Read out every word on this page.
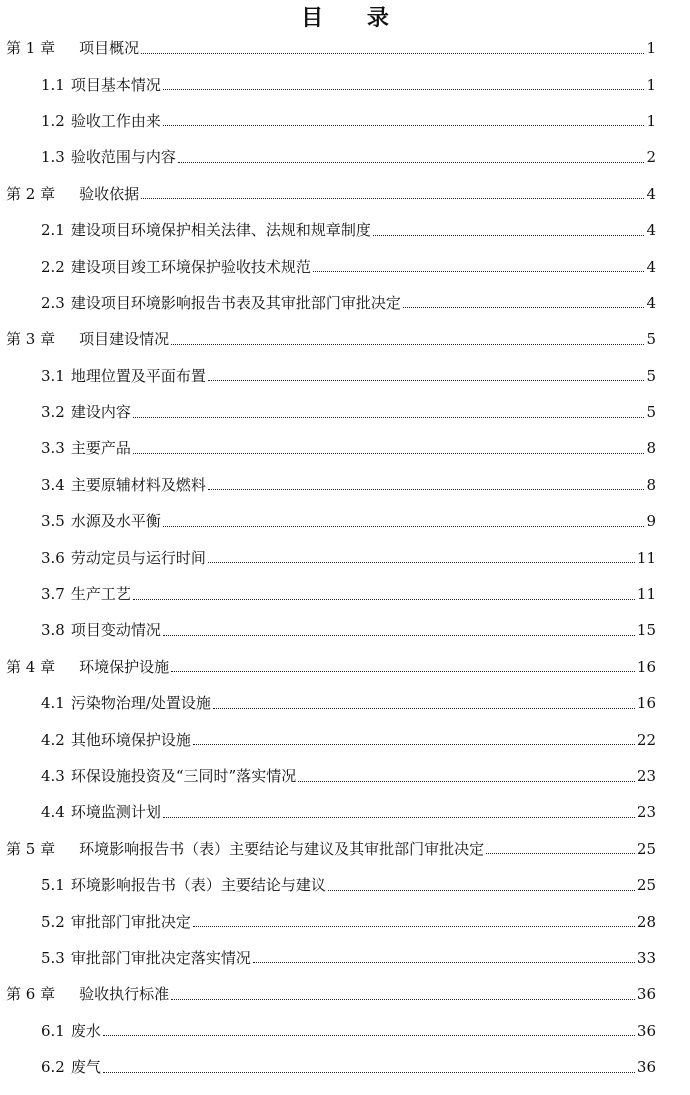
目 录
第 1 章 项目概况	1
1.1 项目基本情况	1
1.2 验收工作由来	1
1.3 验收范围与内容	2
第 2 章 验收依据	4
2.1 建设项目环境保护相关法律、法规和规章制度	4
2.2 建设项目竣工环境保护验收技术规范	4
2.3 建设项目环境影响报告书表及其审批部门审批决定	4
第 3 章 项目建设情况	5
3.1 地理位置及平面布置	5
3.2 建设内容	5
3.3 主要产品	8
3.4 主要原辅材料及燃料	8
3.5 水源及水平衡	9
3.6 劳动定员与运行时间	11
3.7 生产工艺	11
3.8 项目变动情况	15
第 4 章 环境保护设施	16
4.1 污染物治理/处置设施	16
4.2 其他环境保护设施	22
4.3 环保设施投资及“三同时”落实情况	23
4.4 环境监测计划	23
第 5 章 环境影响报告书（表）主要结论与建议及其审批部门审批决定	25
5.1 环境影响报告书（表）主要结论与建议	25
5.2 审批部门审批决定	28
5.3 审批部门审批决定落实情况	33
第 6 章 验收执行标准	36
6.1 废水	36
6.2 废气	36
